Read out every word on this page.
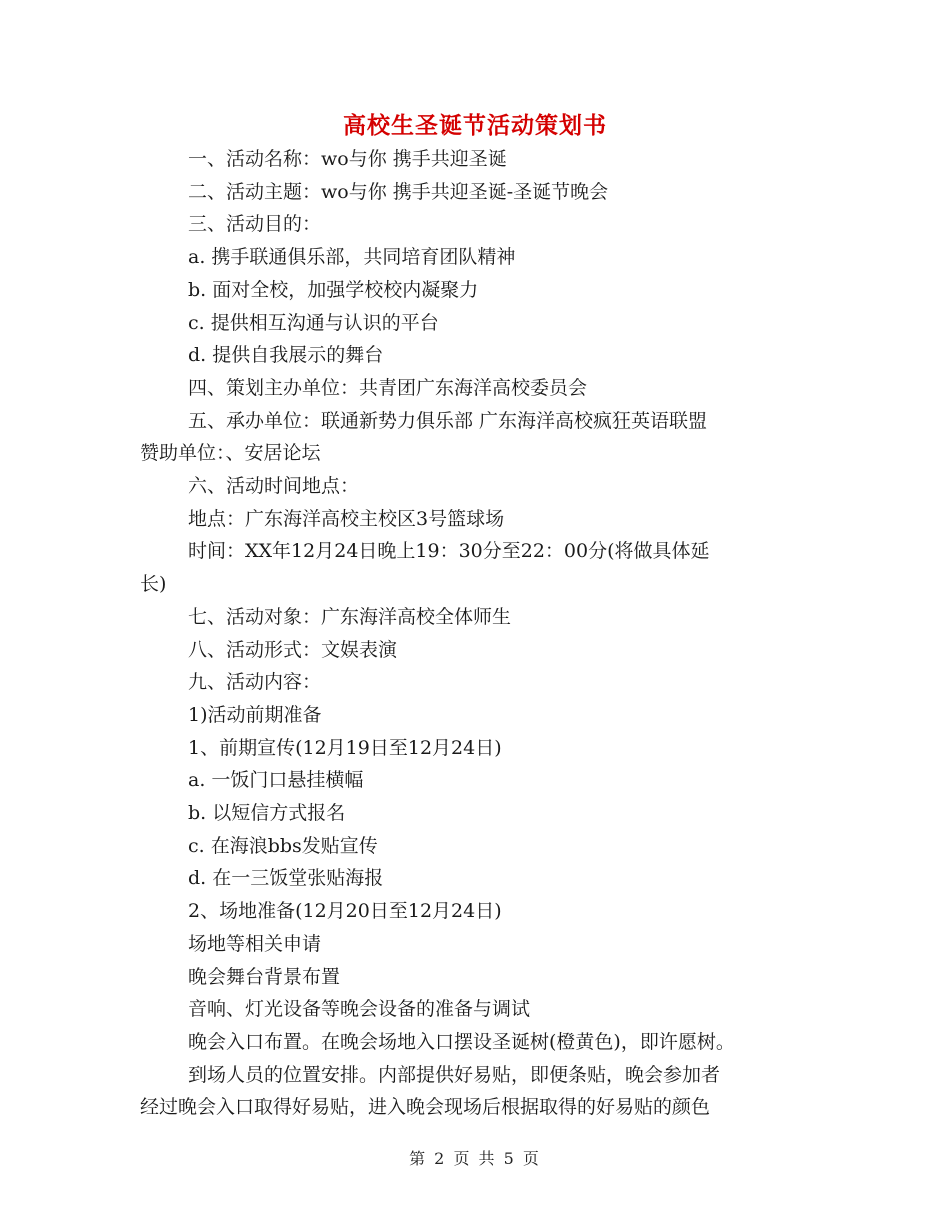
高校生圣诞节活动策划书
一、活动名称：wo与你 携手共迎圣诞
二、活动主题：wo与你 携手共迎圣诞-圣诞节晚会
三、活动目的：
a. 携手联通俱乐部，共同培育团队精神
b. 面对全校，加强学校校内凝聚力
c. 提供相互沟通与认识的平台
d. 提供自我展示的舞台
四、策划主办单位：共青团广东海洋高校委员会
五、承办单位：联通新势力俱乐部 广东海洋高校疯狂英语联盟
赞助单位：、安居论坛
六、活动时间地点：
地点：广东海洋高校主校区3号篮球场
时间：XX年12月24日晚上19：30分至22：00分(将做具体延
长)
七、活动对象：广东海洋高校全体师生
八、活动形式：文娱表演
九、活动内容：
1)活动前期准备
1、前期宣传(12月19日至12月24日)
a. 一饭门口悬挂横幅
b. 以短信方式报名
c. 在海浪bbs发贴宣传
d. 在一三饭堂张贴海报
2、场地准备(12月20日至12月24日)
场地等相关申请
晚会舞台背景布置
音响、灯光设备等晚会设备的准备与调试
晚会入口布置。在晚会场地入口摆设圣诞树(橙黄色)，即许愿树。
到场人员的位置安排。内部提供好易贴，即便条贴，晚会参加者
经过晚会入口取得好易贴，进入晚会现场后根据取得的好易贴的颜色
第 2 页 共 5 页
